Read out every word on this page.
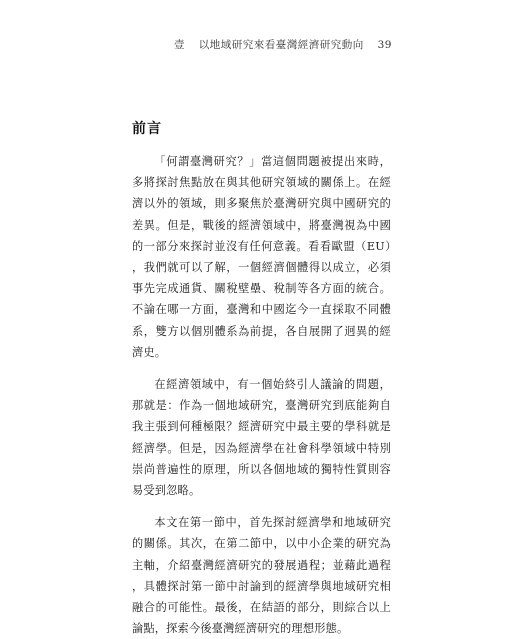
壹 以地域研究來看臺灣經濟研究動向 39
前言

「何謂臺灣研究？」當這個問題被提出來時，多將探討焦點放在與其他研究領域的關係上。在經濟以外的領域，則多聚焦於臺灣研究與中國研究的差異。但是，戰後的經濟領域中，將臺灣視為中國的一部分來探討並沒有任何意義。看看歐盟（EU），我們就可以了解，一個經濟個體得以成立，必須事先完成通貨、關稅壁壘、稅制等各方面的統合。不論在哪一方面，臺灣和中國迄今一直採取不同體系，雙方以個別體系為前提，各自展開了迥異的經濟史。

在經濟領域中，有一個始終引人議論的問題，那就是：作為一個地域研究，臺灣研究到底能夠自我主張到何種極限？經濟研究中最主要的學科就是經濟學。但是，因為經濟學在社會科學領域中特別崇尚普遍性的原理，所以各個地域的獨特性質則容易受到忽略。

本文在第一節中，首先探討經濟學和地域研究的關係。其次，在第二節中，以中小企業的研究為主軸，介紹臺灣經濟研究的發展過程；並藉此過程，具體探討第一節中討論到的經濟學與地域研究相融合的可能性。最後，在結語的部分，則綜合以上論點，探索今後臺灣經濟研究的理想形態。
